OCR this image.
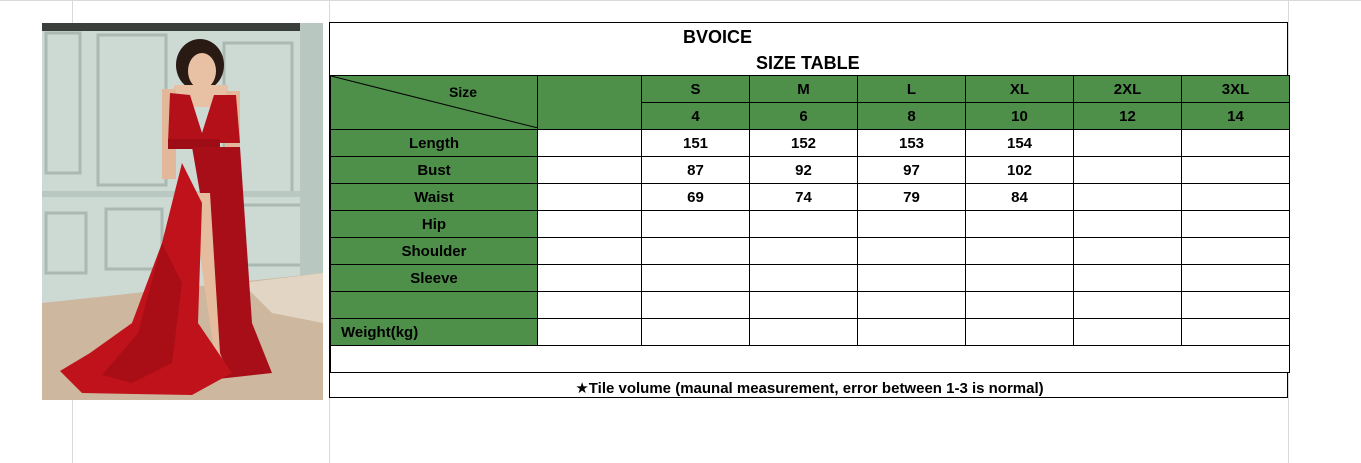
BVOICE
SIZE TABLE
Size		S	M	L	XL	2XL	3XL
		4	6	8	10	12	14
Length		151	152	153	154		
Bust		87	92	97	102		
Waist		69	74	79	84		
Hip							
Shoulder							
Sleeve							

Weight(kg)							

★Tile volume (maunal measurement, error between 1-3 is normal)
